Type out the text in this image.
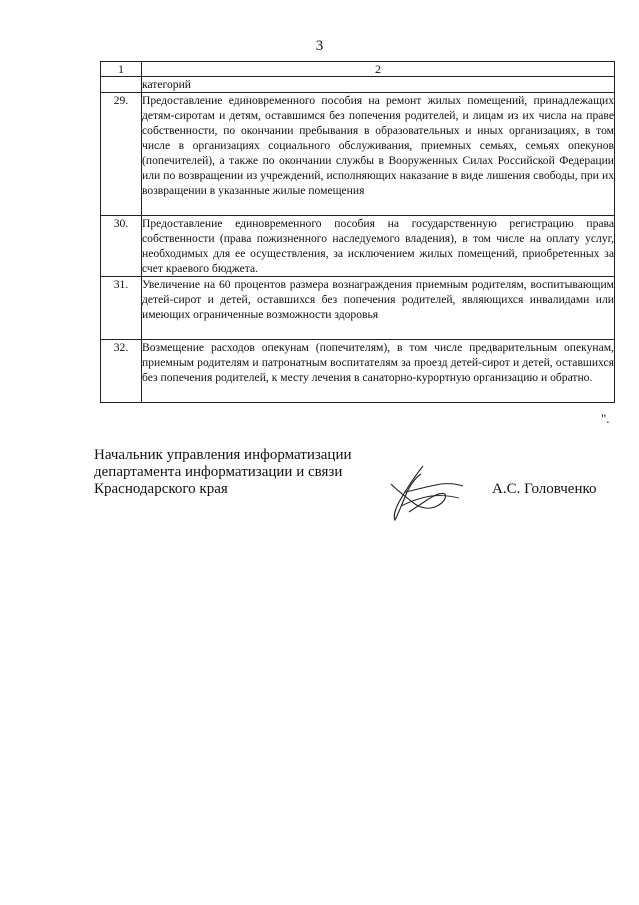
3
1	2
	категорий
29.	Предоставление единовременного пособия на ремонт жилых помещений, принадлежащих детям-сиротам и детям, оставшимся без попечения родителей, и лицам из их числа на праве собственности, по окончании пребывания в образовательных и иных организациях, в том числе в организациях социального обслуживания, приемных семьях, семьях опекунов (попечителей), а также по окончании службы в Вооруженных Силах Российской Федерации или по возвращении из учреждений, исполняющих наказание в виде лишения свободы, при их возвращении в указанные жилые помещения
30.	Предоставление единовременного пособия на государственную регистрацию права собственности (права пожизненного наследуемого владения), в том числе на оплату услуг, необходимых для ее осуществления, за исключением жилых помещений, приобретенных за счет краевого бюджета.
31.	Увеличение на 60 процентов размера вознаграждения приемным родителям, воспитывающим детей-сирот и детей, оставшихся без попечения родителей, являющихся инвалидами или имеющих ограниченные возможности здоровья
32.	Возмещение расходов опекунам (попечителям), в том числе предварительным опекунам, приемным родителям и патронатным воспитателям за проезд детей-сирот и детей, оставшихся без попечения родителей, к месту лечения в санаторно-курортную организацию и обратно.
".
Начальник управления информатизации
департамента информатизации и связи
Краснодарского края	А.С. Головченко
